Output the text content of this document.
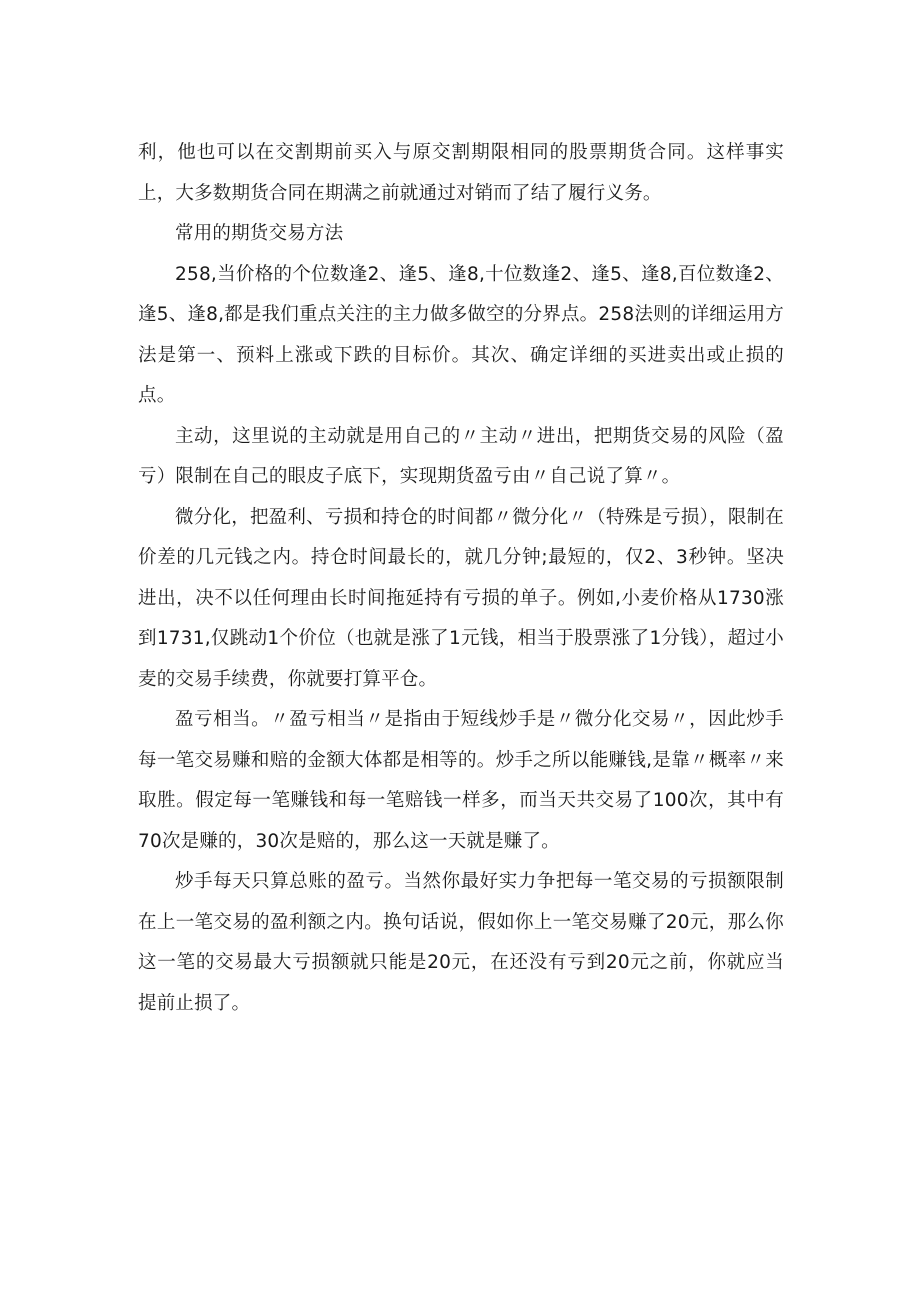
利，他也可以在交割期前买入与原交割期限相同的股票期货合同。这样事实上，大多数期货合同在期满之前就通过对销而了结了履行义务。

常用的期货交易方法

258,当价格的个位数逢2、逢5、逢8,十位数逢2、逢5、逢8,百位数逢2、逢5、逢8,都是我们重点关注的主力做多做空的分界点。258法则的详细运用方法是第一、预料上涨或下跌的目标价。其次、确定详细的买进卖出或止损的点。

主动，这里说的主动就是用自己的〃主动〃进出，把期货交易的风险（盈亏）限制在自己的眼皮子底下，实现期货盈亏由〃自己说了算〃。

微分化，把盈利、亏损和持仓的时间都〃微分化〃（特殊是亏损），限制在价差的几元钱之内。持仓时间最长的，就几分钟;最短的，仅2、3秒钟。坚决进出，决不以任何理由长时间拖延持有亏损的单子。例如,小麦价格从1730涨到1731,仅跳动1个价位（也就是涨了1元钱，相当于股票涨了1分钱），超过小麦的交易手续费，你就要打算平仓。

盈亏相当。〃盈亏相当〃是指由于短线炒手是〃微分化交易〃，因此炒手每一笔交易赚和赔的金额大体都是相等的。炒手之所以能赚钱,是靠〃概率〃来取胜。假定每一笔赚钱和每一笔赔钱一样多，而当天共交易了100次，其中有70次是赚的，30次是赔的，那么这一天就是赚了。

炒手每天只算总账的盈亏。当然你最好实力争把每一笔交易的亏损额限制在上一笔交易的盈利额之内。换句话说，假如你上一笔交易赚了20元，那么你这一笔的交易最大亏损额就只能是20元，在还没有亏到20元之前，你就应当提前止损了。
